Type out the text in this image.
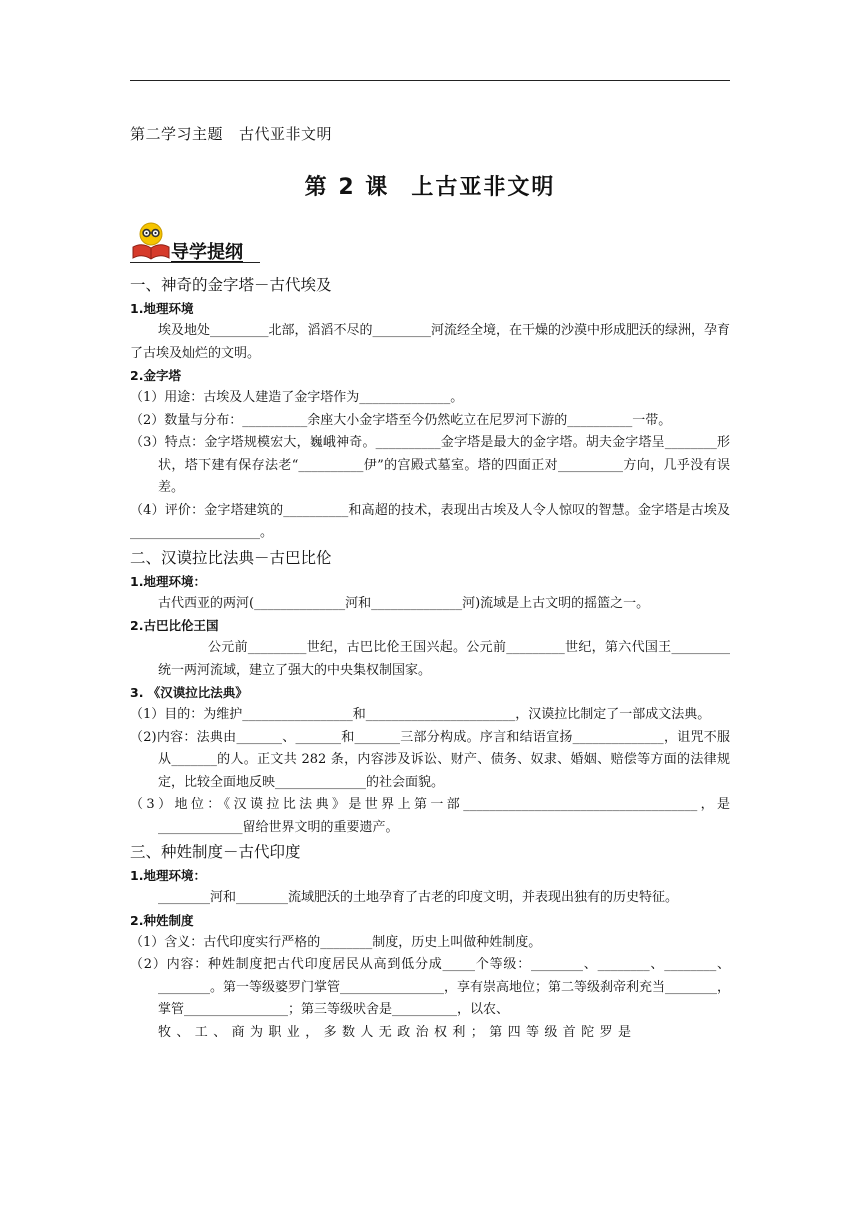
第二学习主题 古代亚非文明
第 2 课 上古亚非文明
导学提纲

一、神奇的金字塔－古代埃及

1.地理环境

埃及地处_________北部，滔滔不尽的_________河流经全境，在干燥的沙漠中形成肥沃的绿洲，孕育了古埃及灿烂的文明。

2.金字塔

（1）用途：古埃及人建造了金字塔作为______________。

（2）数量与分布：__________余座大小金字塔至今仍然屹立在尼罗河下游的__________一带。

（3）特点：金字塔规模宏大，巍峨神奇。__________金字塔是最大的金字塔。胡夫金字塔呈________形状，塔下建有保存法老“__________伊”的宫殿式墓室。塔的四面正对__________方向，几乎没有误差。

（4）评价：金字塔建筑的__________和高超的技术，表现出古埃及人令人惊叹的智慧。金字塔是古埃及____________________。

二、汉谟拉比法典－古巴比伦

1.地理环境：

古代西亚的两河(______________河和______________河)流域是上古文明的摇篮之一。

2.古巴比伦王国

公元前_________世纪，古巴比伦王国兴起。公元前_________世纪，第六代国王_________统一两河流域，建立了强大的中央集权制国家。

3. 《汉谟拉比法典》

（1）目的：为维护_________________和_______________________，汉谟拉比制定了一部成文法典。

（2)内容：法典由_______、_______和_______三部分构成。序言和结语宣扬______________，诅咒不服从_______的人。正文共 282 条，内容涉及诉讼、财产、债务、奴隶、婚姻、赔偿等方面的法律规定，比较全面地反映______________的社会面貌。

（3）地位：《汉谟拉比法典》是世界上第一部____________________________________，是_____________留给世界文明的重要遗产。

三、种姓制度－古代印度

1.地理环境：

________河和________流域肥沃的土地孕育了古老的印度文明，并表现出独有的历史特征。

2.种姓制度

（1）含义：古代印度实行严格的________制度，历史上叫做种姓制度。

（2）内容：种姓制度把古代印度居民从高到低分成_____个等级：________、________、________、________。第一等级婆罗门掌管________________，享有崇高地位；第二等级刹帝利充当________，掌管________________；第三等级吠舍是__________，以农、

牧、工、商为职业，多数人无政治权利；第四等级首陀罗是
